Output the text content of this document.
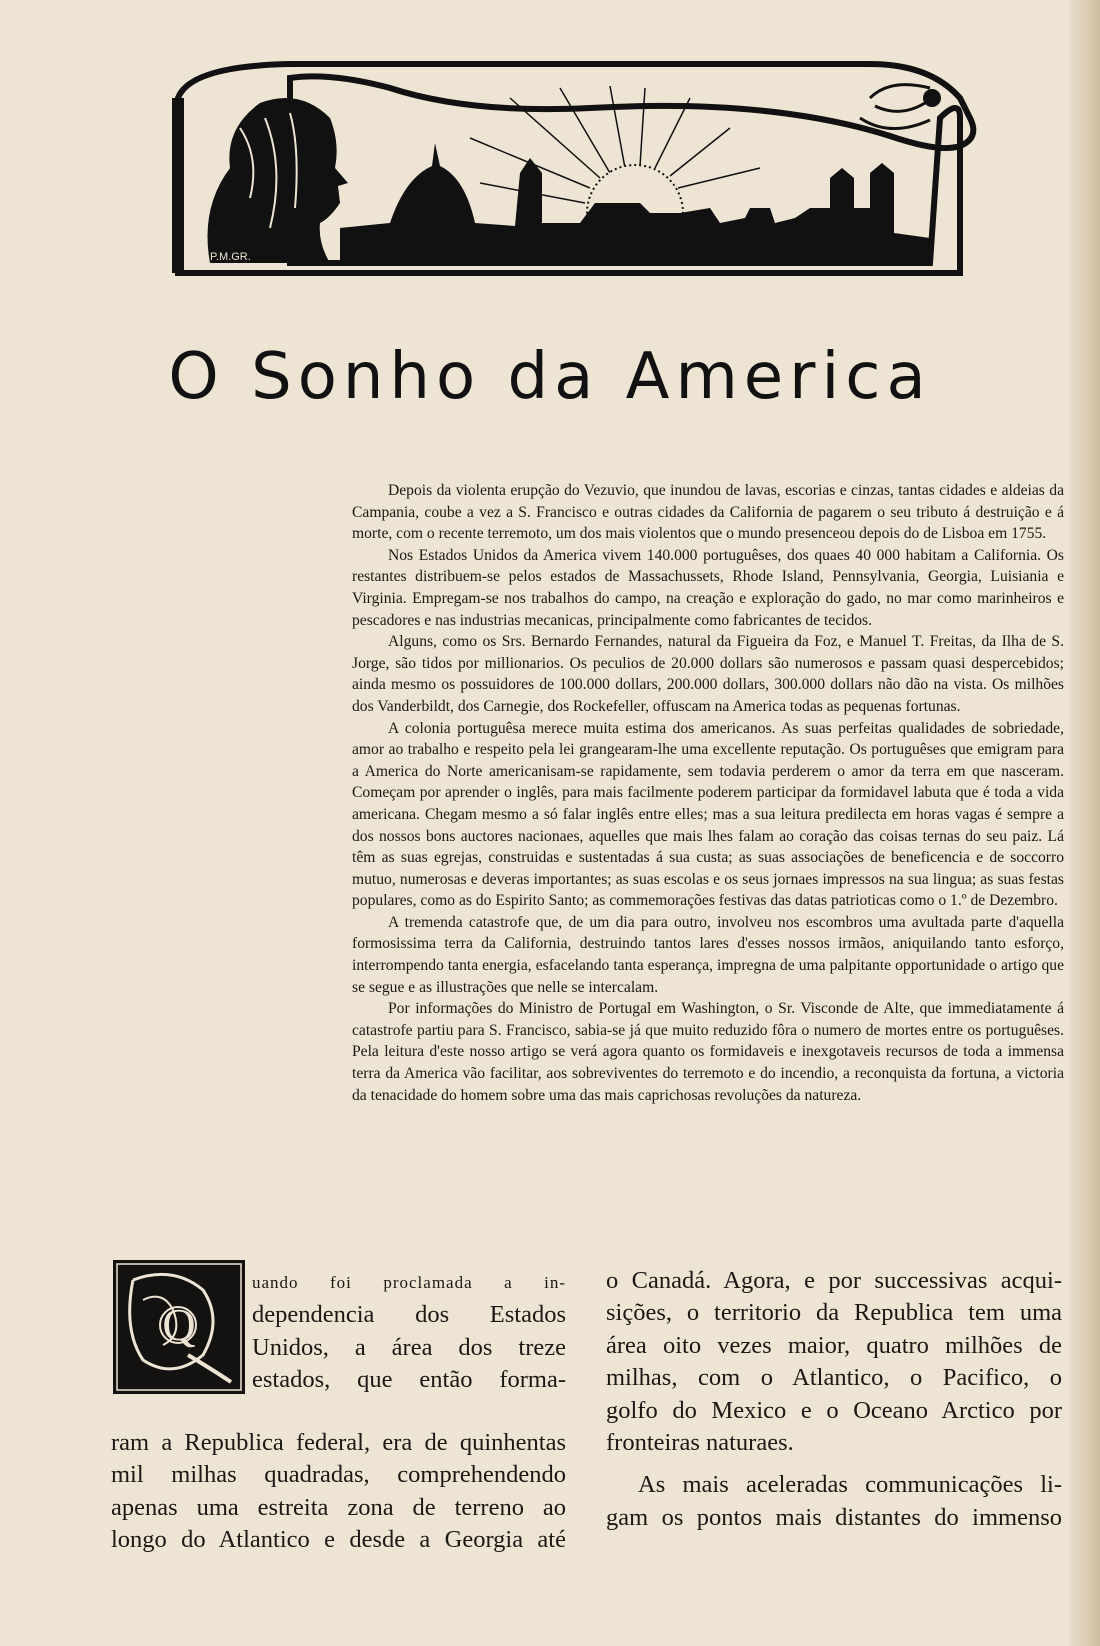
P.M.GR.
O Sonho da America

Depois da violenta erupção do Vezuvio, que inundou de lavas, escorias e cinzas, tantas cidades e aldeias da Campania, coube a vez a S. Francisco e outras cidades da California de pagarem o seu tributo á destruição e á morte, com o recente terremoto, um dos mais violentos que o mundo presenceou depois do de Lisboa em 1755.

Nos Estados Unidos da America vivem 140.000 portuguêses, dos quaes 40 000 habitam a California. Os restantes distribuem-se pelos estados de Massachussets, Rhode Island, Pennsylvania, Georgia, Luisiania e Virginia. Empregam-se nos trabalhos do campo, na creação e exploração do gado, no mar como marinheiros e pescadores e nas industrias mecanicas, principalmente como fabricantes de tecidos.

Alguns, como os Srs. Bernardo Fernandes, natural da Figueira da Foz, e Manuel T. Freitas, da Ilha de S. Jorge, são tidos por millionarios. Os peculios de 20.000 dollars são numerosos e passam quasi despercebidos; ainda mesmo os possuidores de 100.000 dollars, 200.000 dollars, 300.000 dollars não dão na vista. Os milhões dos Vanderbildt, dos Carnegie, dos Rockefeller, offuscam na America todas as pequenas fortunas.

A colonia portuguêsa merece muita estima dos americanos. As suas perfeitas qualidades de sobriedade, amor ao trabalho e respeito pela lei grangearam-lhe uma excellente reputação. Os portuguêses que emigram para a America do Norte americanisam-se rapidamente, sem todavia perderem o amor da terra em que nasceram. Começam por aprender o inglês, para mais facilmente poderem participar da formidavel labuta que é toda a vida americana. Chegam mesmo a só falar inglês entre elles; mas a sua leitura predilecta em horas vagas é sempre a dos nossos bons auctores nacionaes, aquelles que mais lhes falam ao coração das coisas ternas do seu paiz. Lá têm as suas egrejas, construidas e sustentadas á sua custa; as suas associações de beneficencia e de soccorro mutuo, numerosas e deveras importantes; as suas escolas e os seus jornaes impressos na sua lingua; as suas festas populares, como as do Espirito Santo; as commemorações festivas das datas patrioticas como o 1.º de Dezembro.

A tremenda catastrofe que, de um dia para outro, involveu nos escombros uma avultada parte d'aquella formosissima terra da California, destruindo tantos lares d'esses nossos irmãos, aniquilando tanto esforço, interrompendo tanta energia, esfacelando tanta esperança, impregna de uma palpitante opportunidade o artigo que se segue e as illustrações que nelle se intercalam.

Por informações do Ministro de Portugal em Washington, o Sr. Visconde de Alte, que immediatamente á catastrofe partiu para S. Francisco, sabia-se já que muito reduzido fôra o numero de mortes entre os portuguêses. Pela leitura d'este nosso artigo se verá agora quanto os formidaveis e inexgotaveis recursos de toda a immensa terra da America vão facilitar, aos sobreviventes do terremoto e do incendio, a reconquista da fortuna, a victoria da tenacidade do homem sobre uma das mais caprichosas revoluções da natureza.

Q
uando foi proclamada a in-
dependencia dos Estados
Unidos, a área dos treze
estados, que então forma-
ram a Republica federal, era de quinhentas
mil milhas quadradas, comprehendendo
apenas uma estreita zona de terreno ao
longo do Atlantico e desde a Georgia até
o Canadá. Agora, e por successivas acqui-
sições, o territorio da Republica tem uma
área oito vezes maior, quatro milhões de
milhas, com o Atlantico, o Pacifico, o
golfo do Mexico e o Oceano Arctico por
fronteiras naturaes.
As mais aceleradas communicações li-
gam os pontos mais distantes do immenso
